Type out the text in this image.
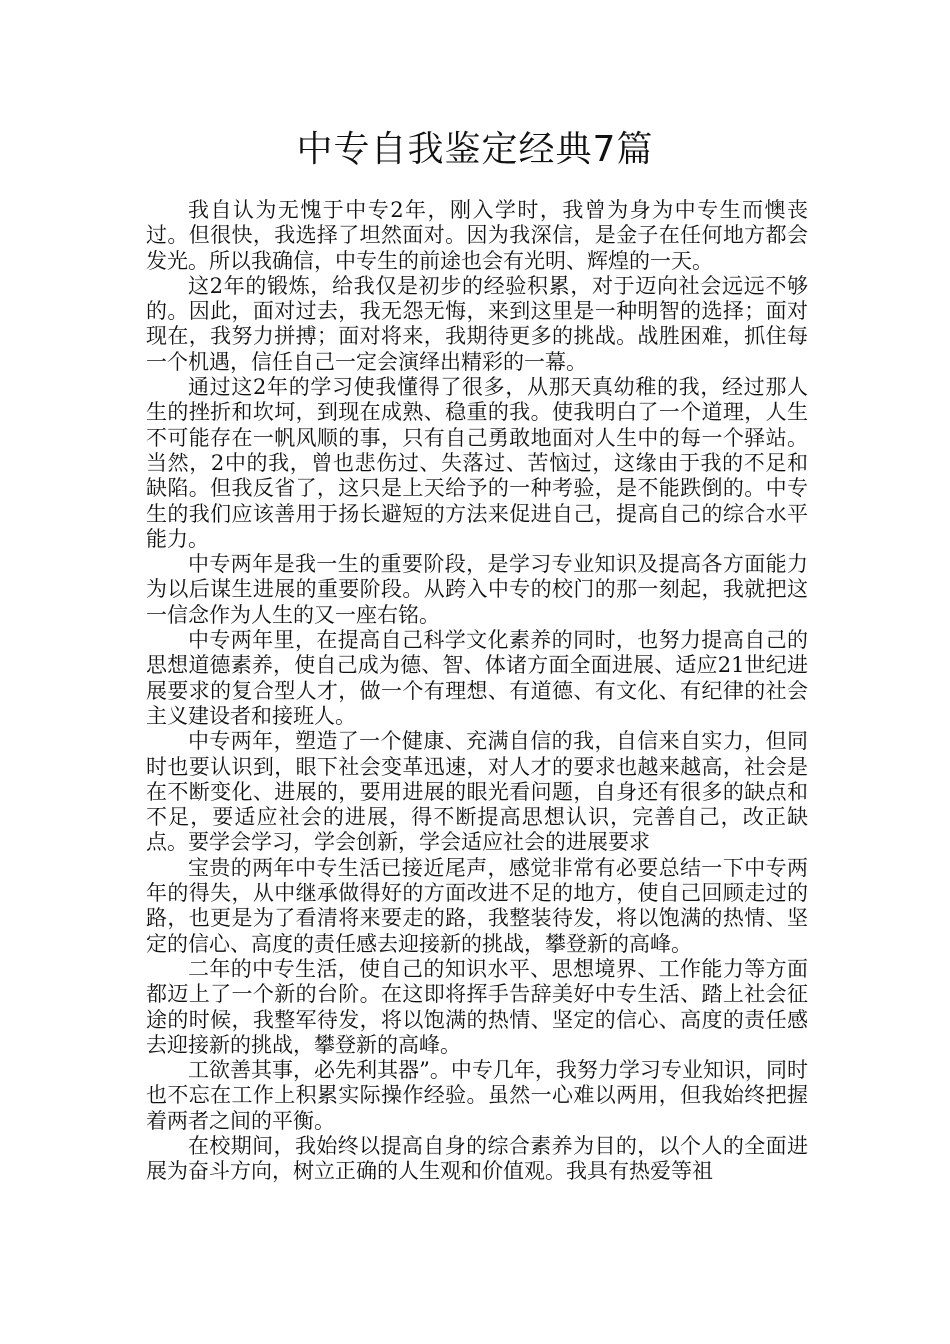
中专自我鉴定经典7篇

我自认为无愧于中专2年，刚入学时，我曾为身为中专生而懊丧过。但很快，我选择了坦然面对。因为我深信，是金子在任何地方都会发光。所以我确信，中专生的前途也会有光明、辉煌的一天。

这2年的锻炼，给我仅是初步的经验积累，对于迈向社会远远不够的。因此，面对过去，我无怨无悔，来到这里是一种明智的选择；面对现在，我努力拼搏；面对将来，我期待更多的挑战。战胜困难，抓住每一个机遇，信任自己一定会演绎出精彩的一幕。

通过这2年的学习使我懂得了很多，从那天真幼稚的我，经过那人生的挫折和坎坷，到现在成熟、稳重的我。使我明白了一个道理，人生不可能存在一帆风顺的事，只有自己勇敢地面对人生中的每一个驿站。当然，2中的我，曾也悲伤过、失落过、苦恼过，这缘由于我的不足和缺陷。但我反省了，这只是上天给予的一种考验，是不能跌倒的。中专生的我们应该善用于扬长避短的方法来促进自己，提高自己的综合水平能力。

中专两年是我一生的重要阶段，是学习专业知识及提高各方面能力为以后谋生进展的重要阶段。从跨入中专的校门的那一刻起，我就把这一信念作为人生的又一座右铭。

中专两年里，在提高自己科学文化素养的同时，也努力提高自己的思想道德素养，使自己成为德、智、体诸方面全面进展、适应21世纪进展要求的复合型人才，做一个有理想、有道德、有文化、有纪律的社会主义建设者和接班人。

中专两年，塑造了一个健康、充满自信的我，自信来自实力，但同时也要认识到，眼下社会变革迅速，对人才的要求也越来越高，社会是在不断变化、进展的，要用进展的眼光看问题，自身还有很多的缺点和不足，要适应社会的进展，得不断提高思想认识，完善自己，改正缺点。要学会学习，学会创新，学会适应社会的进展要求

宝贵的两年中专生活已接近尾声，感觉非常有必要总结一下中专两年的得失，从中继承做得好的方面改进不足的地方，使自己回顾走过的路，也更是为了看清将来要走的路，我整装待发，将以饱满的热情、坚定的信心、高度的责任感去迎接新的挑战，攀登新的高峰。

二年的中专生活，使自己的知识水平、思想境界、工作能力等方面都迈上了一个新的台阶。在这即将挥手告辞美好中专生活、踏上社会征途的时候，我整军待发，将以饱满的热情、坚定的信心、高度的责任感去迎接新的挑战，攀登新的高峰。

工欲善其事，必先利其器”。中专几年，我努力学习专业知识，同时也不忘在工作上积累实际操作经验。虽然一心难以两用，但我始终把握着两者之间的平衡。

在校期间，我始终以提高自身的综合素养为目的，以个人的全面进展为奋斗方向，树立正确的人生观和价值观。我具有热爱等祖
